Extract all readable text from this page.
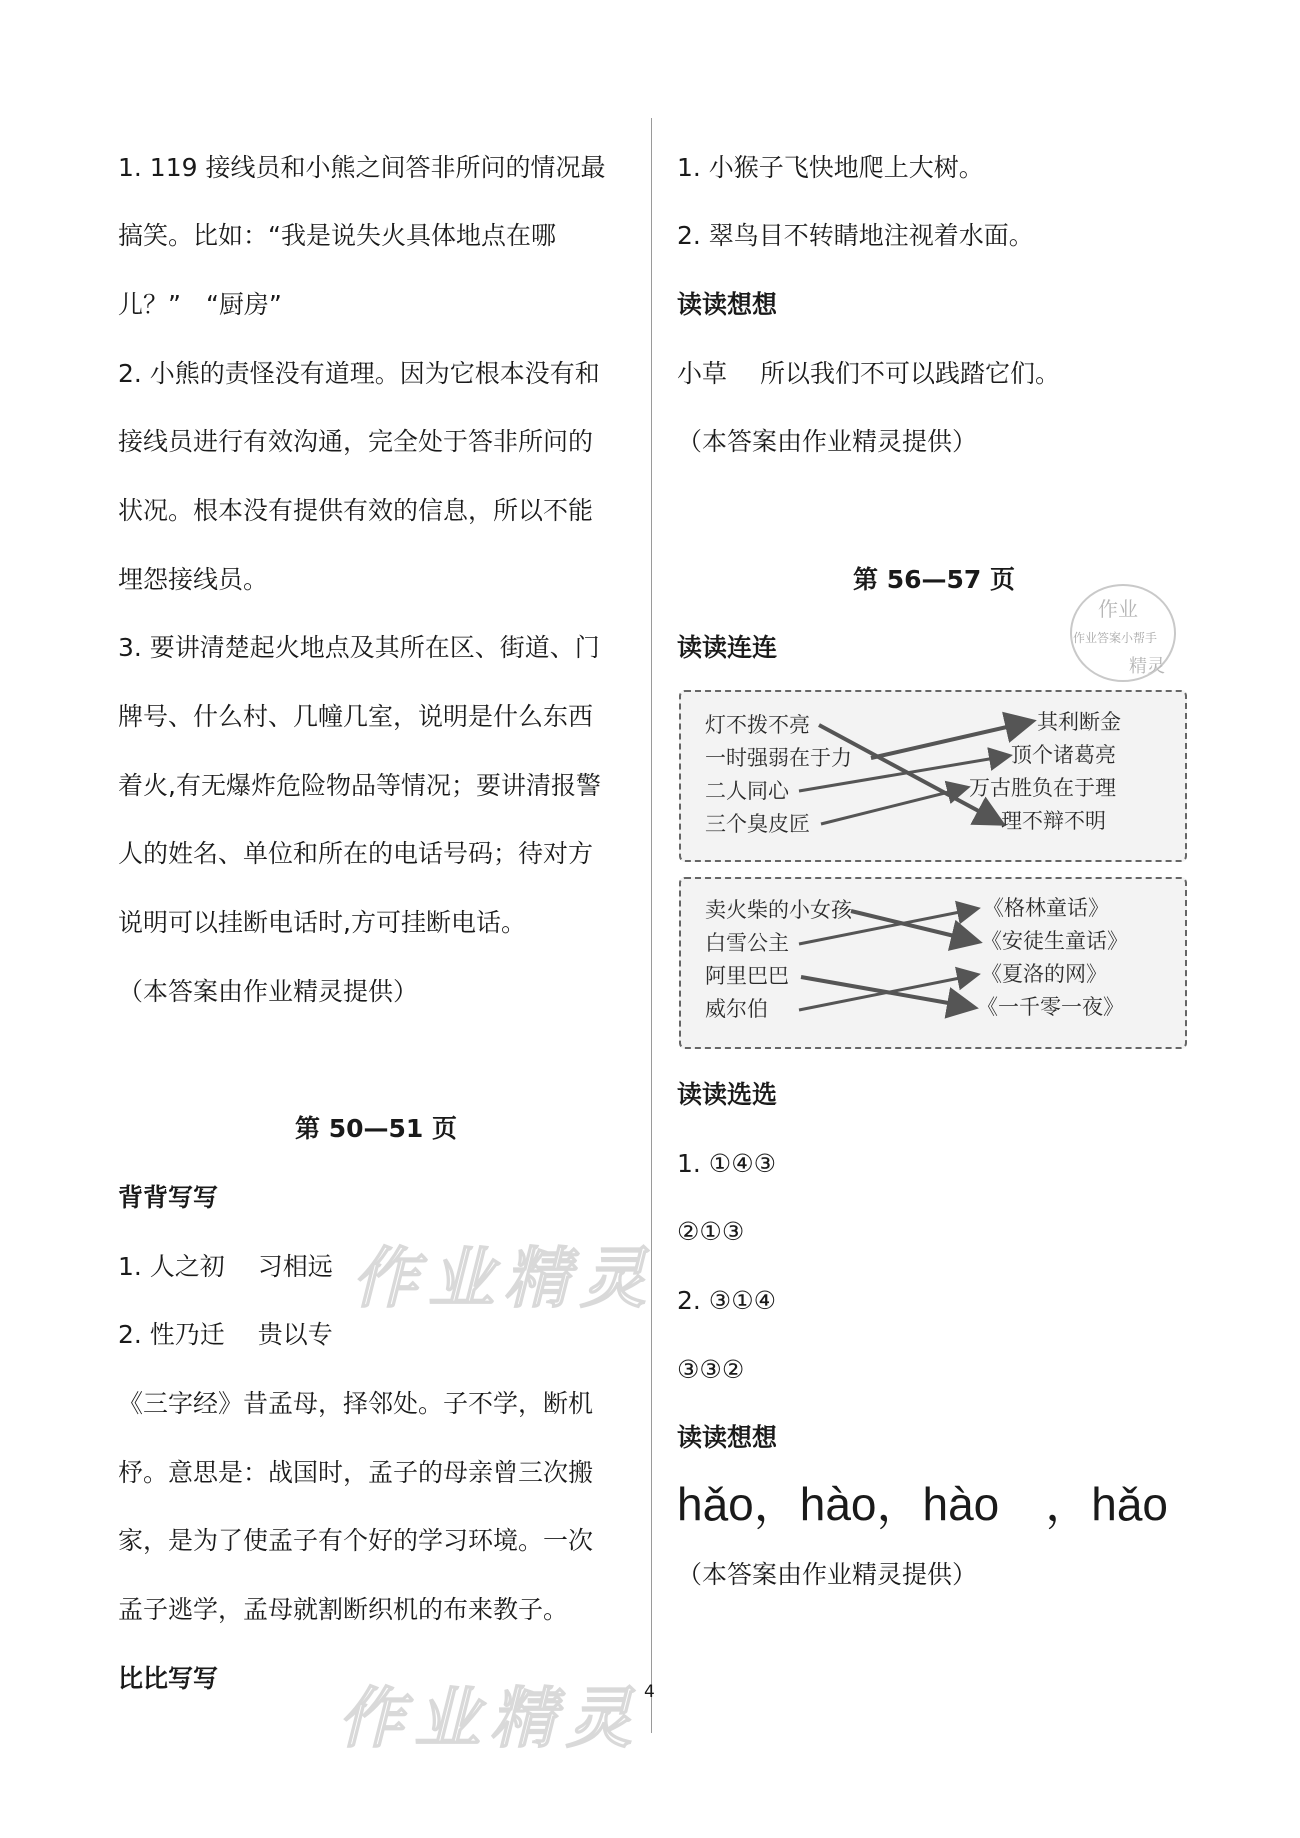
作业精灵
作业精灵
1. 119 接线员和小熊之间答非所问的情况最
搞笑。比如：“我是说失火具体地点在哪
儿？”　“厨房”
2. 小熊的责怪没有道理。因为它根本没有和
接线员进行有效沟通，完全处于答非所问的
状况。根本没有提供有效的信息，所以不能
埋怨接线员。
3. 要讲清楚起火地点及其所在区、街道、门
牌号、什么村、几幢几室，说明是什么东西
着火,有无爆炸危险物品等情况；要讲清报警
人的姓名、单位和所在的电话号码；待对方
说明可以挂断电话时,方可挂断电话。
（本答案由作业精灵提供）
第 50—51 页
背背写写
1. 人之初　 习相远
2. 性乃迁　 贵以专
《三字经》昔孟母，择邻处。子不学，断机
杼。意思是：战国时，孟子的母亲曾三次搬
家，是为了使孟子有个好的学习环境。一次
孟子逃学，孟母就割断织机的布来教子。
比比写写
1. 小猴子飞快地爬上大树。
2. 翠鸟目不转睛地注视着水面。
读读想想
小草　 所以我们不可以践踏它们。
（本答案由作业精灵提供）
第 56—57 页
读读连连
灯不拨不亮
一时强弱在于力
二人同心
三个臭皮匠
其利断金
顶个诸葛亮
万古胜负在于理
理不辩不明
卖火柴的小女孩
白雪公主
阿里巴巴
威尔伯
《格林童话》
《安徒生童话》
《夏洛的网》
《一千零一夜》
读读选选
1. ①④③
②①③
2. ③①④
③③②
读读想想
hǎo，hào，hào　，hǎo
（本答案由作业精灵提供）
作业
作业答案小帮手
精灵
4
